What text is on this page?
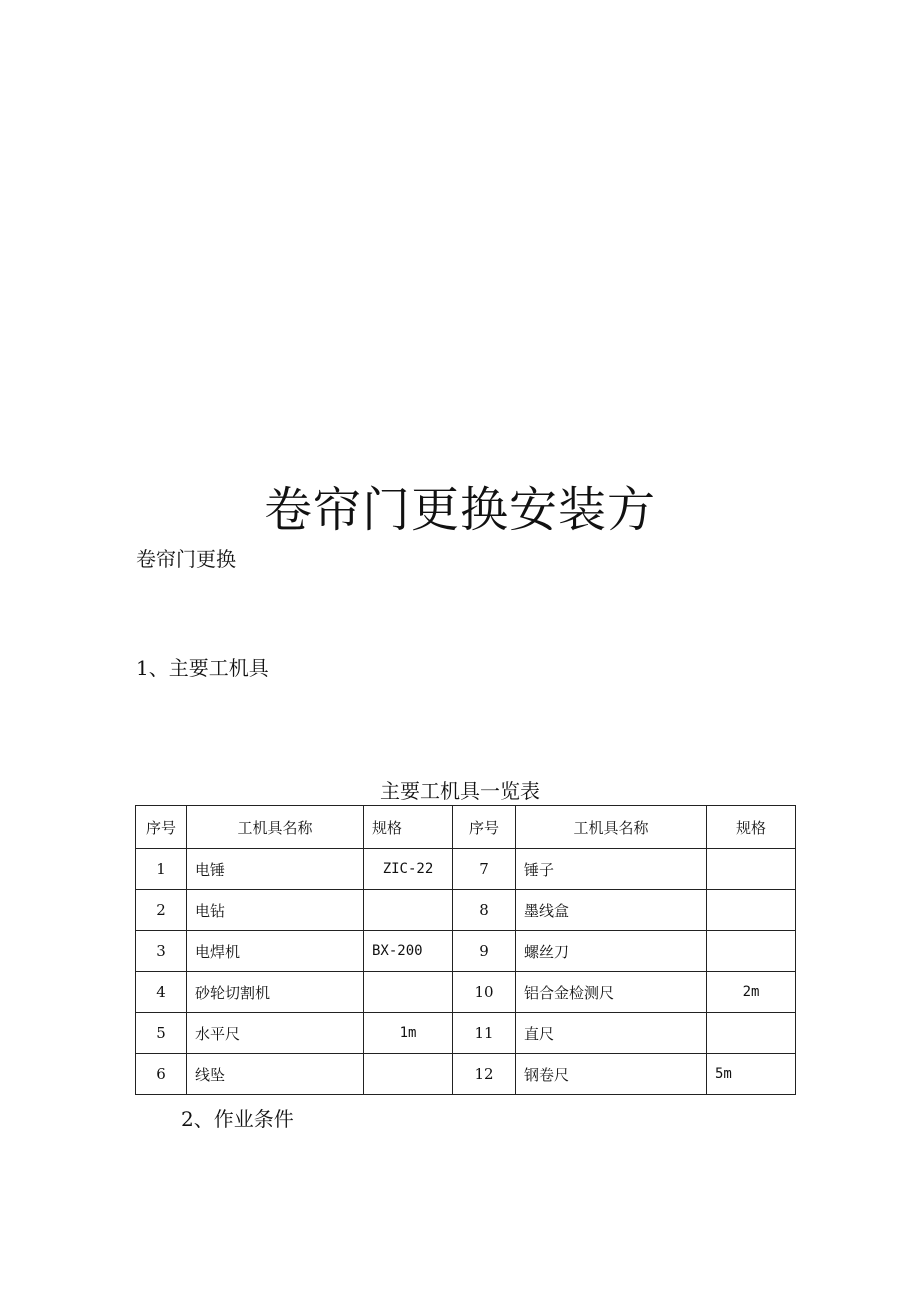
卷帘门更换安装方

卷帘门更换

1、主要工机具

主要工机具一览表

序号	工机具名称	规格	序号	工机具名称	规格
1	电锤	ZIC-22	7	锤子	
2	电钻		8	墨线盒	
3	电焊机	BX-200	9	螺丝刀	
4	砂轮切割机		10	铝合金检测尺	2m
5	水平尺	1m	11	直尺	
6	线坠		12	钢卷尺	5m

2、作业条件
